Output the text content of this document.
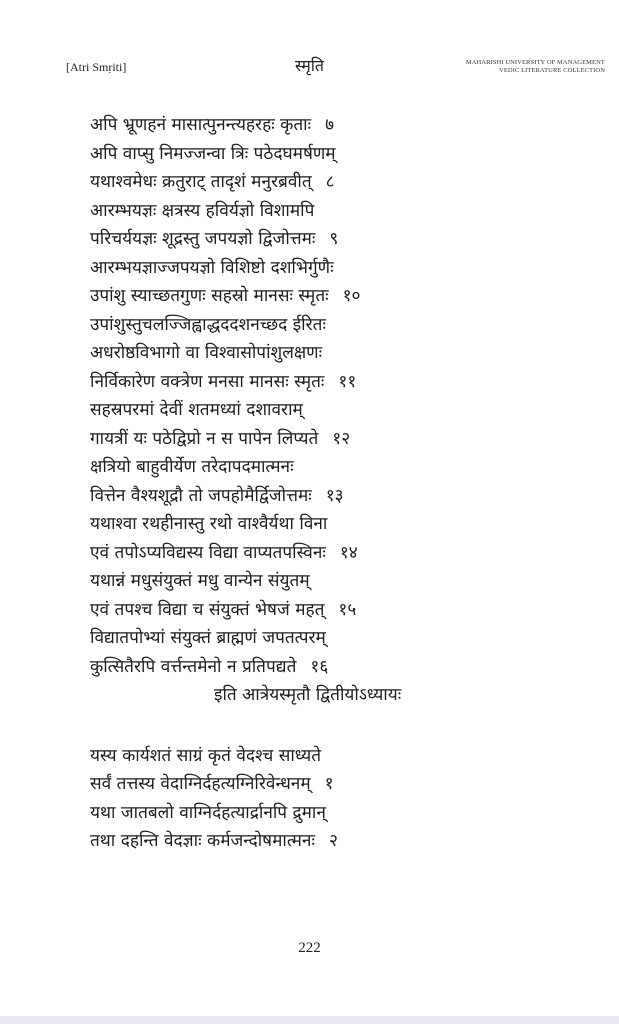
[Atri Smṛiti]	स्मृति	MAHARISHI UNIVERSITY OF MANAGEMENT
VEDIC LITERATURE COLLECTION
अपि भ्रूणहनं मासात्पुनन्त्यहरहः कृताः ७
अपि वाप्सु निमज्जन्वा त्रिः पठेदघमर्षणम्
यथाश्वमेधः क्रतुराट् तादृशं मनुरब्रवीत् ८
आरम्भयज्ञः क्षत्रस्य हविर्यज्ञो विशामपि
परिचर्ययज्ञः शूद्रस्तु जपयज्ञो द्विजोत्तमः ९
आरम्भयज्ञाज्जपयज्ञो विशिष्टो दशभिर्गुणैः
उपांशु स्याच्छतगुणः सहस्रो मानसः स्मृतः १०
उपांशुस्तुचलज्जिह्वाद्धददशनच्छद ईरितः
अधरोष्ठविभागो वा विश्वासोपांशुलक्षणः
निर्विकारेण वक्त्रेण मनसा मानसः स्मृतः ११
सहस्रपरमां देवीं शतमध्यां दशावराम्
गायत्रीं यः पठेद्विप्रो न स पापेन लिप्यते १२
क्षत्रियो बाहुवीर्येण तरेदापदमात्मनः
वित्तेन वैश्यशूद्रौ तो जपहोमैर्द्विजोत्तमः १३
यथाश्वा रथहीनास्तु रथो वाश्वैर्यथा विना
एवं तपोऽप्यविद्यस्य विद्या वाप्यतपस्विनः १४
यथान्नं मधुसंयुक्तं मधु वान्येन संयुतम्
एवं तपश्च विद्या च संयुक्तं भेषजं महत् १५
विद्यातपोभ्यां संयुक्तं ब्राह्मणं जपतत्परम्
कुत्सितैरपि वर्त्तन्तमेनो न प्रतिपद्यते १६
इति आत्रेयस्मृतौ द्वितीयोऽध्यायः
यस्य कार्यशतं साग्रं कृतं वेदश्च साध्यते
सर्वं तत्तस्य वेदाग्निर्दहत्यग्निरिवेन्धनम् १
यथा जातबलो वाग्निर्दहत्यार्द्रानपि द्रुमान्
तथा दहन्ति वेदज्ञाः कर्मजन्दोषमात्मनः २
222
